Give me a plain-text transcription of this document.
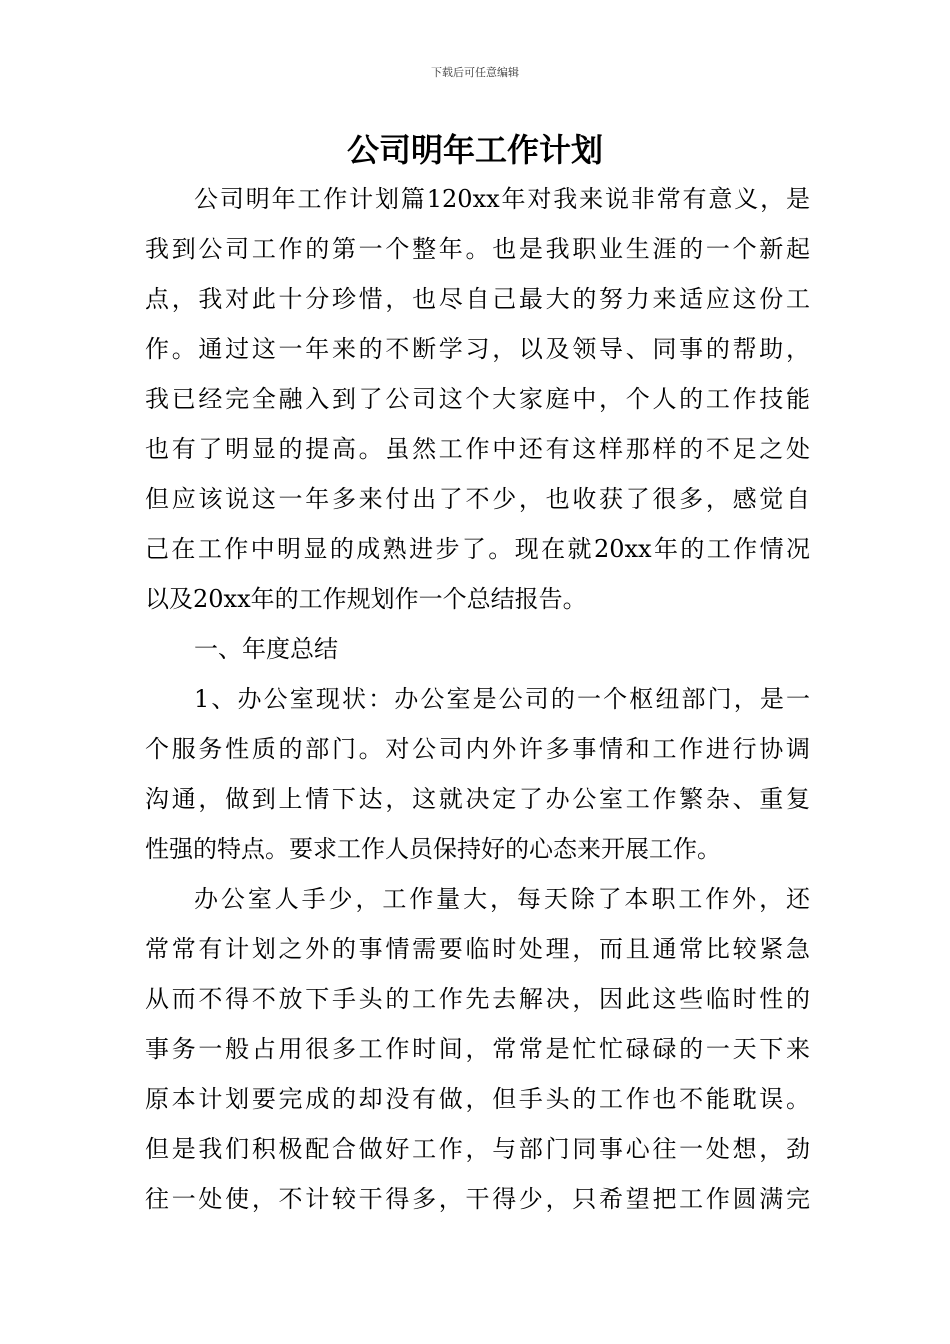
下载后可任意编辑
公司明年工作计划
公司明年工作计划篇120xx年对我来说非常有意义，是
我到公司工作的第一个整年。也是我职业生涯的一个新起
点，我对此十分珍惜，也尽自己最大的努力来适应这份工
作。通过这一年来的不断学习，以及领导、同事的帮助，
我已经完全融入到了公司这个大家庭中，个人的工作技能
也有了明显的提高。虽然工作中还有这样那样的不足之处
但应该说这一年多来付出了不少，也收获了很多，感觉自
己在工作中明显的成熟进步了。现在就20xx年的工作情况
以及20xx年的工作规划作一个总结报告。
一、年度总结
1、办公室现状：办公室是公司的一个枢纽部门，是一
个服务性质的部门。对公司内外许多事情和工作进行协调
沟通，做到上情下达，这就决定了办公室工作繁杂、重复
性强的特点。要求工作人员保持好的心态来开展工作。
办公室人手少，工作量大，每天除了本职工作外，还
常常有计划之外的事情需要临时处理，而且通常比较紧急
从而不得不放下手头的工作先去解决，因此这些临时性的
事务一般占用很多工作时间，常常是忙忙碌碌的一天下来
原本计划要完成的却没有做，但手头的工作也不能耽误。
但是我们积极配合做好工作，与部门同事心往一处想，劲
往一处使，不计较干得多，干得少，只希望把工作圆满完
